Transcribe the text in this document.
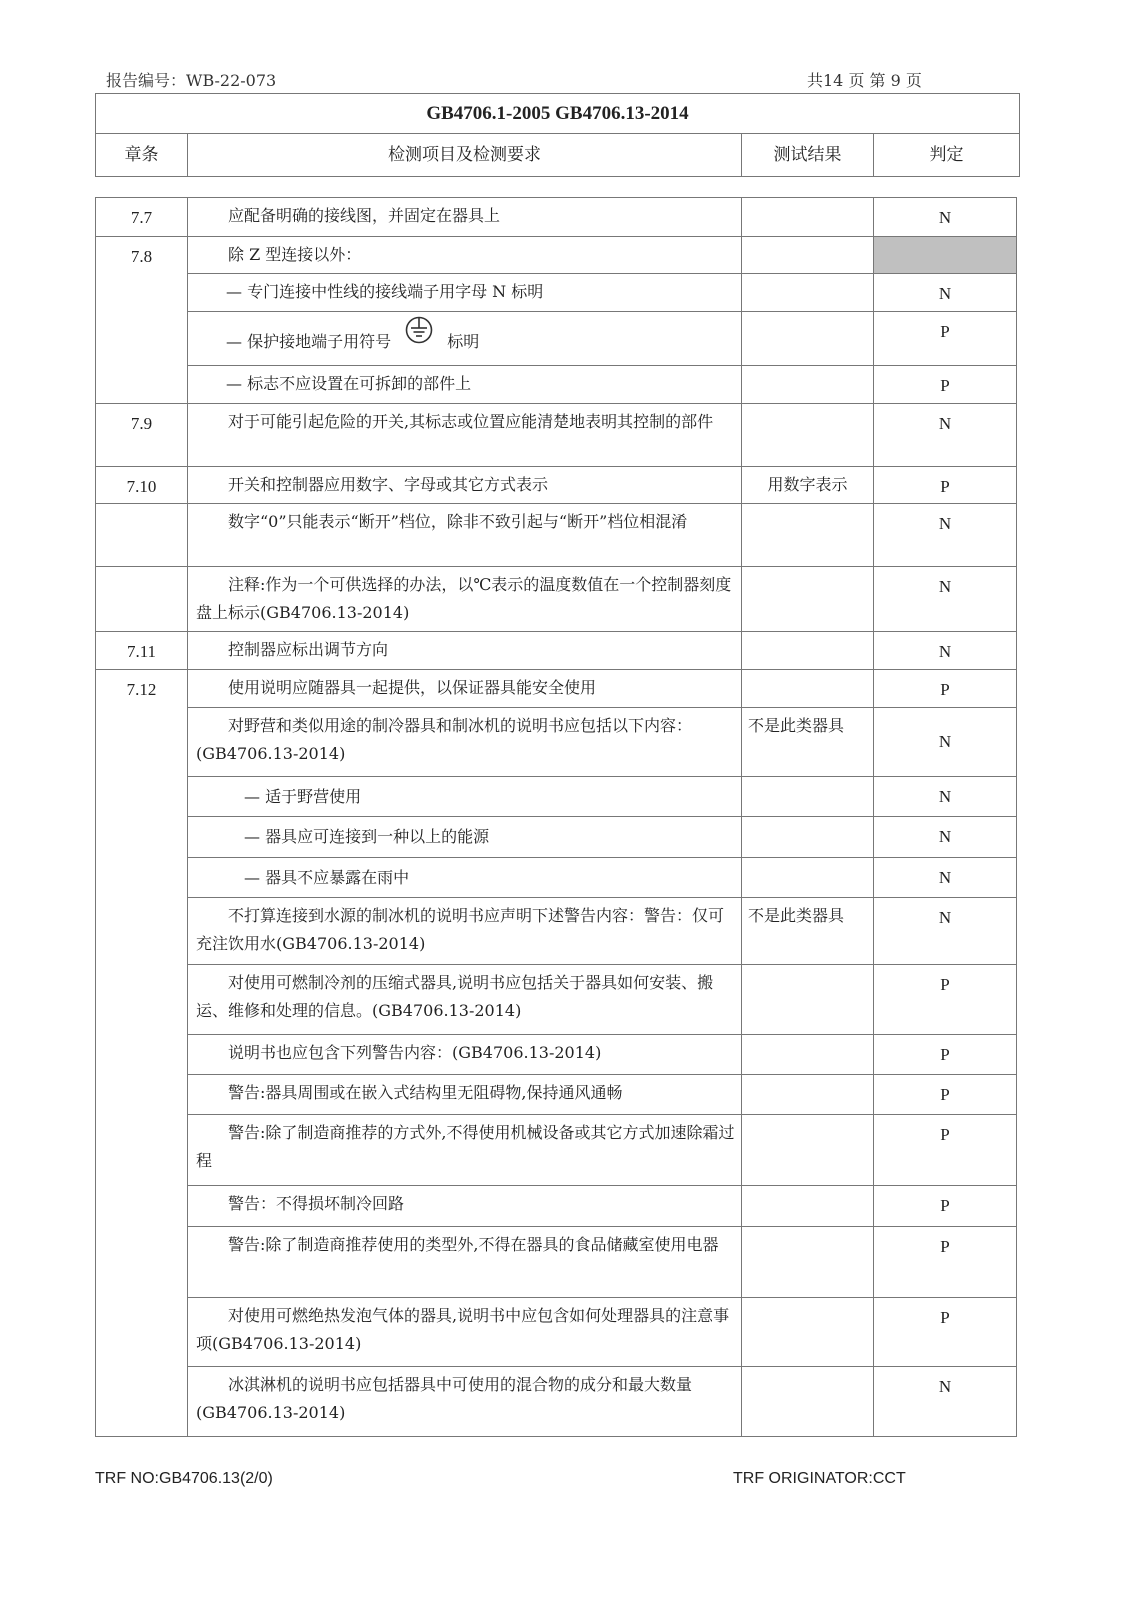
报告编号：WB-22-073	共14 页 第 9 页
GB4706.1-2005 GB4706.13-2014
章条	检测项目及检测要求	测试结果	判定
7.7	应配备明确的接线图，并固定在器具上		N
7.8	除 Z 型连接以外：		
	— 专门连接中性线的接线端子用字母 N 标明		N
	— 保护接地端子用符号 标明		P
	— 标志不应设置在可拆卸的部件上		P
7.9	对于可能引起危险的开关,其标志或位置应能清楚地表明其控制的部件		N
7.10	开关和控制器应用数字、字母或其它方式表示	用数字表示	P
	数字“0”只能表示“断开”档位，除非不致引起与“断开”档位相混淆		N
	注释:作为一个可供选择的办法，以℃表示的温度数值在一个控制器刻度盘上标示(GB4706.13-2014)		N
7.11	控制器应标出调节方向		N
7.12	使用说明应随器具一起提供，以保证器具能安全使用		P
	对野营和类似用途的制冷器具和制冰机的说明书应包括以下内容：(GB4706.13-2014)	不是此类器具	N
	— 适于野营使用		N
	— 器具应可连接到一种以上的能源		N
	— 器具不应暴露在雨中		N
	不打算连接到水源的制冰机的说明书应声明下述警告内容：警告：仅可充注饮用水(GB4706.13-2014)	不是此类器具	N
	对使用可燃制冷剂的压缩式器具,说明书应包括关于器具如何安装、搬运、维修和处理的信息。(GB4706.13-2014)		P
	说明书也应包含下列警告内容：(GB4706.13-2014)		P
	警告:器具周围或在嵌入式结构里无阻碍物,保持通风通畅		P
	警告:除了制造商推荐的方式外,不得使用机械设备或其它方式加速除霜过程		P
	警告：不得损坏制冷回路		P
	警告:除了制造商推荐使用的类型外,不得在器具的食品储藏室使用电器		P
	对使用可燃绝热发泡气体的器具,说明书中应包含如何处理器具的注意事项(GB4706.13-2014)		P
	冰淇淋机的说明书应包括器具中可使用的混合物的成分和最大数量(GB4706.13-2014)		N
TRF NO:GB4706.13(2/0)	TRF ORIGINATOR:CCT
